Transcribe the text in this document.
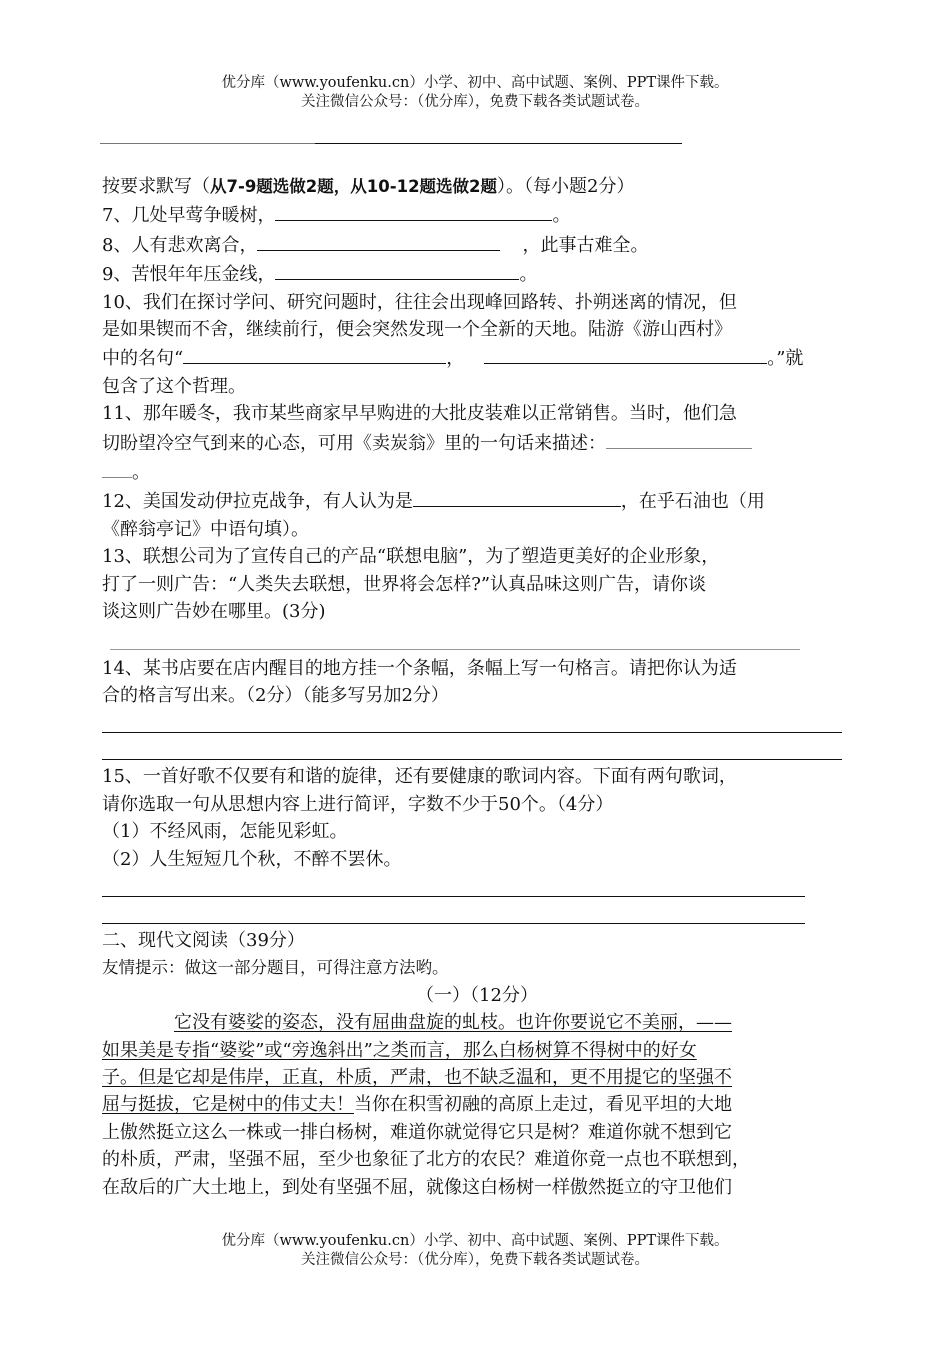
优分库（www.youfenku.cn）小学、初中、高中试题、案例、PPT课件下载。
关注微信公众号：（优分库），免费下载各类试题试卷。

按要求默写（从7-9题选做2题，从10-12题选做2题）。（每小题2分）

7、几处早莺争暖树，	。

8、人有悲欢离合，	，此事古难全。

9、苦恨年年压金线，	。

10、我们在探讨学问、研究问题时，往往会出现峰回路转、扑朔迷离的情况，但

是如果锲而不舍，继续前行，便会突然发现一个全新的天地。陆游《游山西村》

中的名句“	，	。”就

包含了这个哲理。

11、那年暖冬，我市某些商家早早购进的大批皮装难以正常销售。当时，他们急

切盼望冷空气到来的心态，可用《卖炭翁》里的一句话来描述：

。

12、美国发动伊拉克战争，有人认为是	，在乎石油也（用

《醉翁亭记》中语句填）。

13、联想公司为了宣传自己的产品“联想电脑”，为了塑造更美好的企业形象，

打了一则广告：“人类失去联想，世界将会怎样?”认真品味这则广告，请你谈

谈这则广告妙在哪里。(3分)

14、某书店要在店内醒目的地方挂一个条幅，条幅上写一句格言。请把你认为适

合的格言写出来。（2分）（能多写另加2分）

15、一首好歌不仅要有和谐的旋律，还有要健康的歌词内容。下面有两句歌词，

请你选取一句从思想内容上进行简评，字数不少于50个。（4分）

（1）不经风雨，怎能见彩虹。

（2）人生短短几个秋，不醉不罢休。

二、现代文阅读（39分）

友情提示：做这一部分题目，可得注意方法哟。

（一）（12分）

它没有婆娑的姿态，没有屈曲盘旋的虬枝。也许你要说它不美丽，——

如果美是专指“婆娑”或“旁逸斜出”之类而言，那么白杨树算不得树中的好女

子。但是它却是伟岸，正直，朴质，严肃，也不缺乏温和，更不用提它的坚强不

屈与挺拔，它是树中的伟丈夫！当你在积雪初融的高原上走过，看见平坦的大地

上傲然挺立这么一株或一排白杨树，难道你就觉得它只是树？难道你就不想到它

的朴质，严肃，坚强不屈，至少也象征了北方的农民？难道你竟一点也不联想到，

在敌后的广大土地上，到处有坚强不屈，就像这白杨树一样傲然挺立的守卫他们

优分库（www.youfenku.cn）小学、初中、高中试题、案例、PPT课件下载。
关注微信公众号：（优分库），免费下载各类试题试卷。
